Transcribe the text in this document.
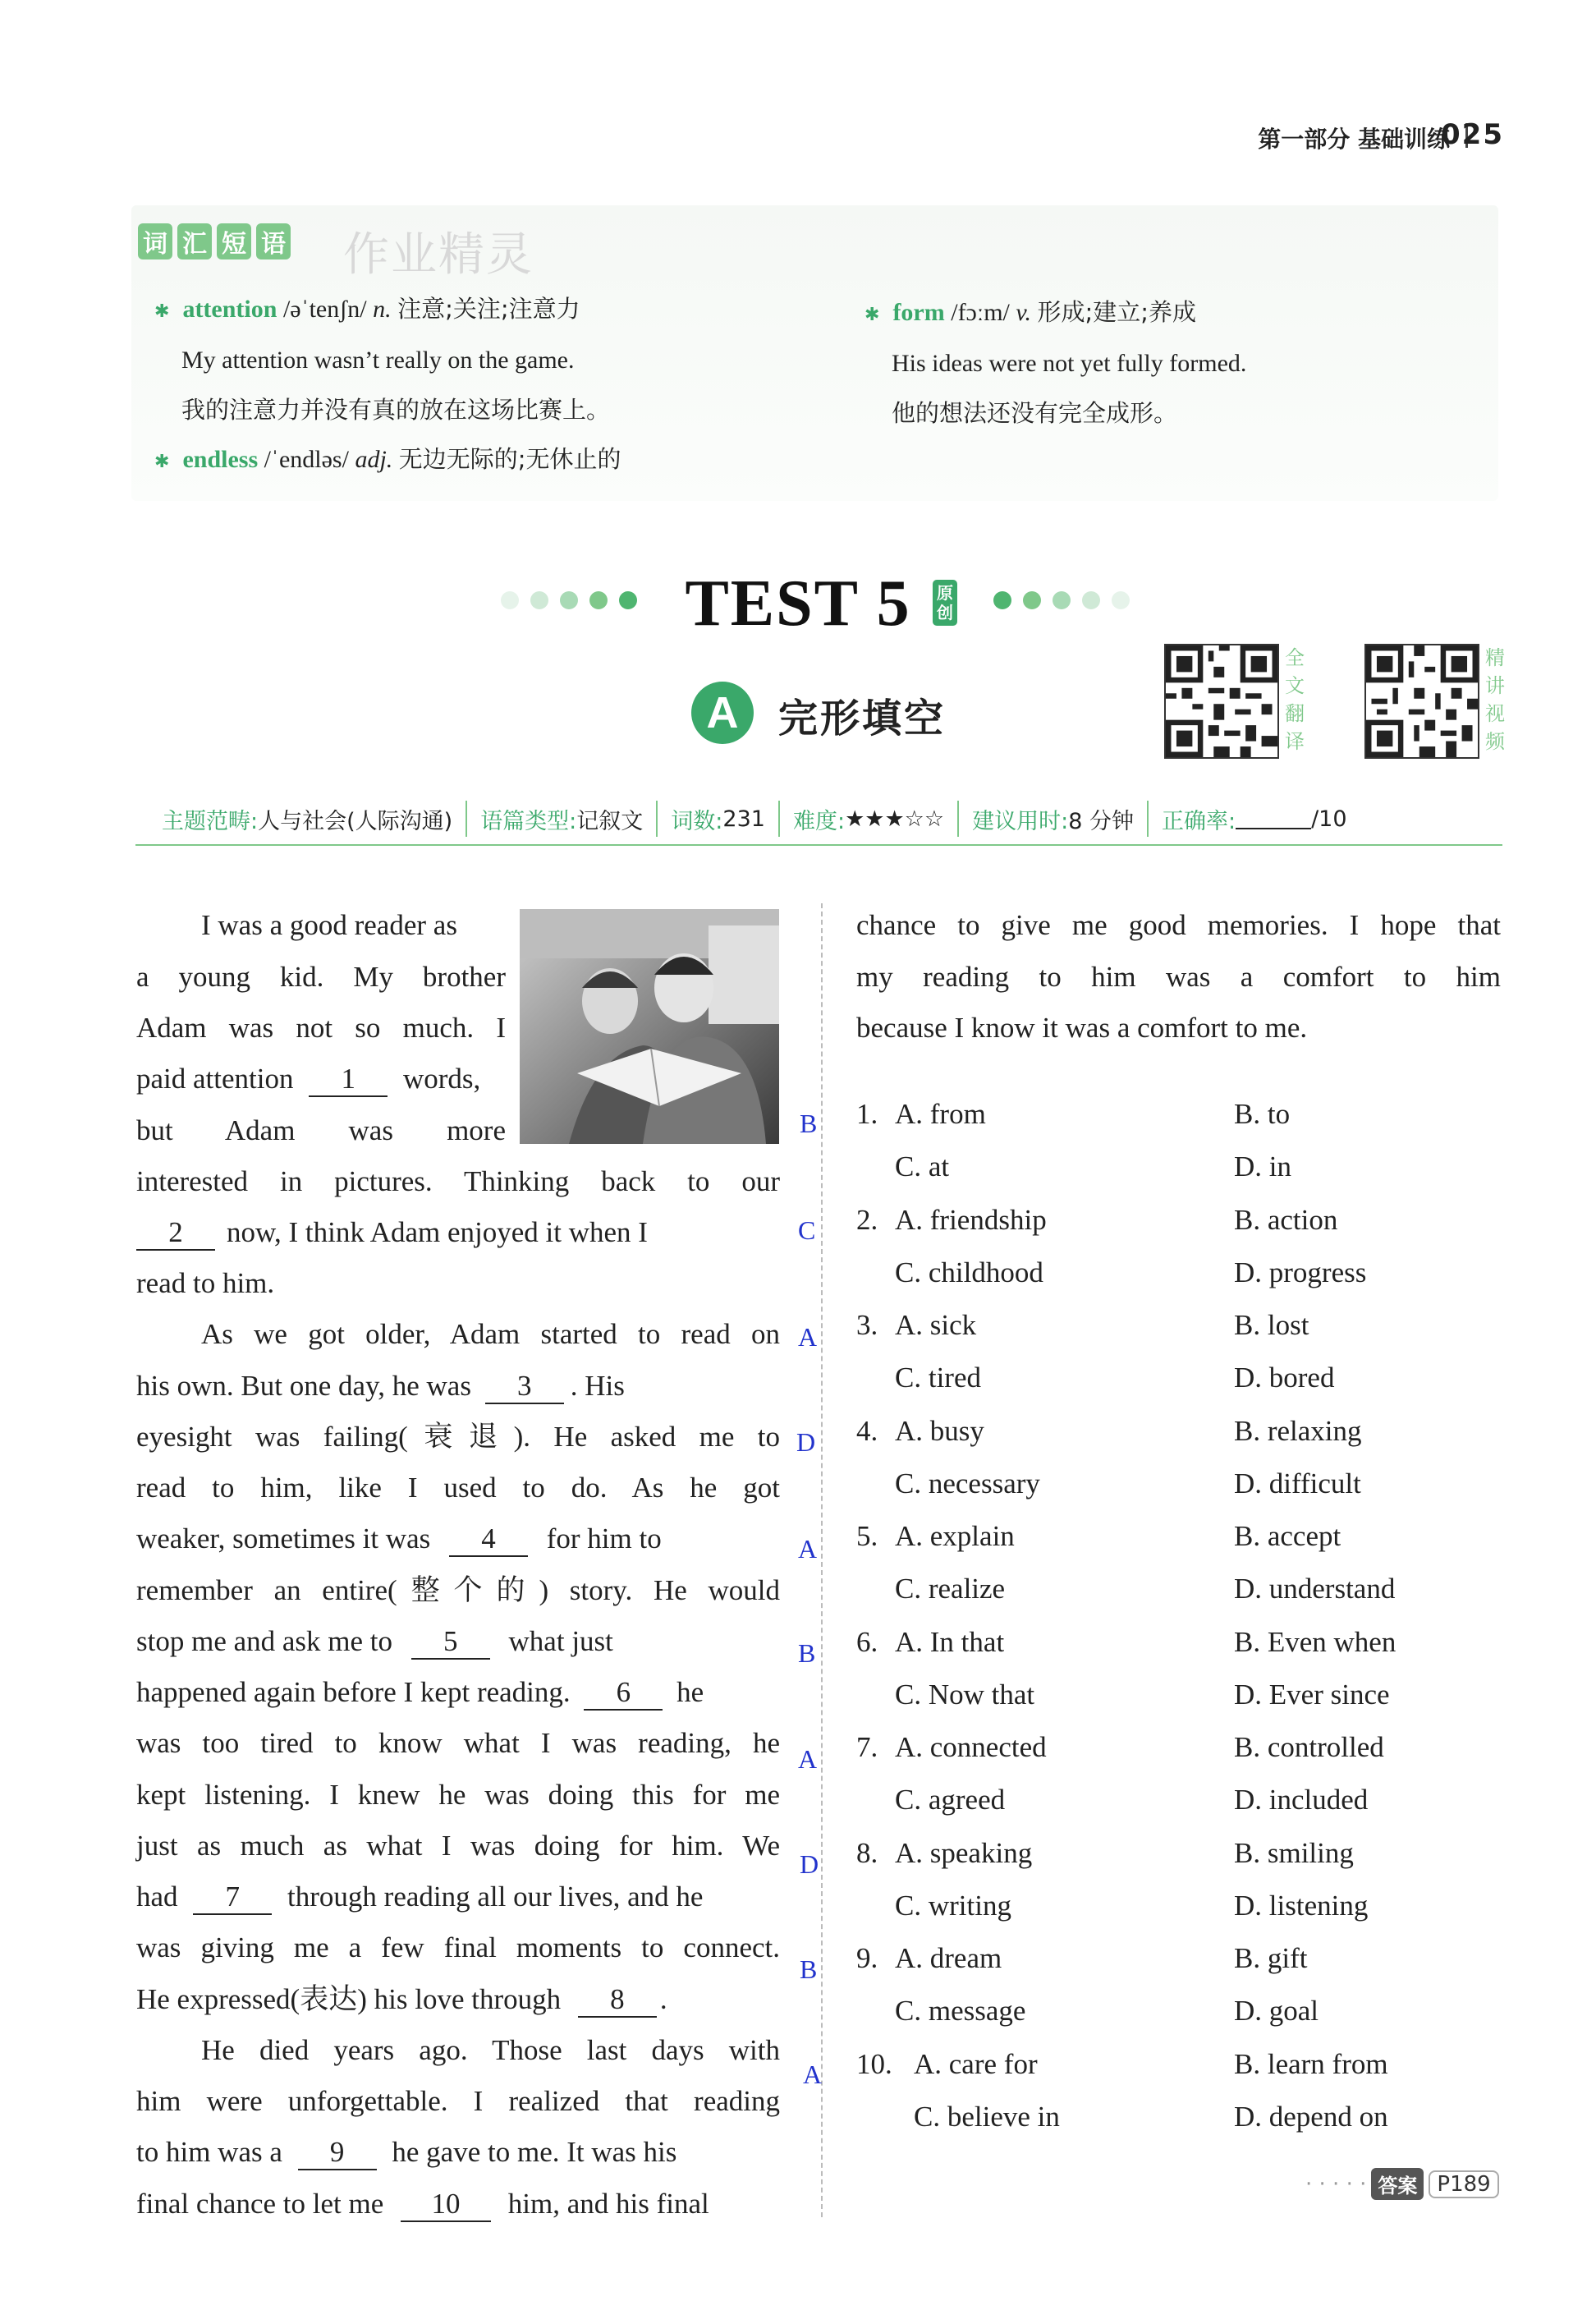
第一部分 基础训练
025
词 汇 短 语 作业精灵
✱ attention /əˈtenʃn/ n. 注意;关注;注意力
My attention wasn’t really on the game.
我的注意力并没有真的放在这场比赛上。
✱ endless /ˈendləs/ adj. 无边无际的;无休止的
✱ form /fɔːm/ v. 形成;建立;养成
His ideas were not yet fully formed.
他的想法还没有完全成形。
TEST 5	原
创
A	完形填空
全
文
翻
译
精
讲
视
频
主题范畴: 人与社会(人际沟通) 语篇类型: 记叙文 词数: 231 难度: ★★★☆☆ 建议用时: 8 分钟 正确率:	/10
I was a good reader as
a young kid. My brother
Adam was not so much. I
paid attention 1 words,
but Adam was more
interested in pictures. Thinking back to our
2 now, I think Adam enjoyed it when I
read to him.
As we got older, Adam started to read on
his own. But one day, he was 3 . His
eyesight was failing(衰退). He asked me to
read to him, like I used to do. As he got
weaker, sometimes it was 4 for him to
remember an entire(整个的) story. He would
stop me and ask me to 5 what just
happened again before I kept reading. 6 he
was too tired to know what I was reading, he
kept listening. I knew he was doing this for me
just as much as what I was doing for him. We
had 7 through reading all our lives, and he
was giving me a few final moments to connect.
He expressed(表达) his love through 8 .
He died years ago. Those last days with
him were unforgettable. I realized that reading
to him was a 9 he gave to me. It was his
final chance to let me 10 him, and his final
chance to give me good memories. I hope that
my reading to him was a comfort to him
because I know it was a comfort to me.
B
C
A
D
A
B
A
D
B
A
1. A. from	B. to
C. at	D. in
2. A. friendship	B. action
C. childhood	D. progress
3. A. sick	B. lost
C. tired	D. bored
4. A. busy	B. relaxing
C. necessary	D. difficult
5. A. explain	B. accept
C. realize	D. understand
6. A. In that	B. Even when
C. Now that	D. Ever since
7. A. connected	B. controlled
C. agreed	D. included
8. A. speaking	B. smiling
C. writing	D. listening
9. A. dream	B. gift
C. message	D. goal
10. A. care for	B. learn from
C. believe in	D. depend on
· · · · · 答案 P189
